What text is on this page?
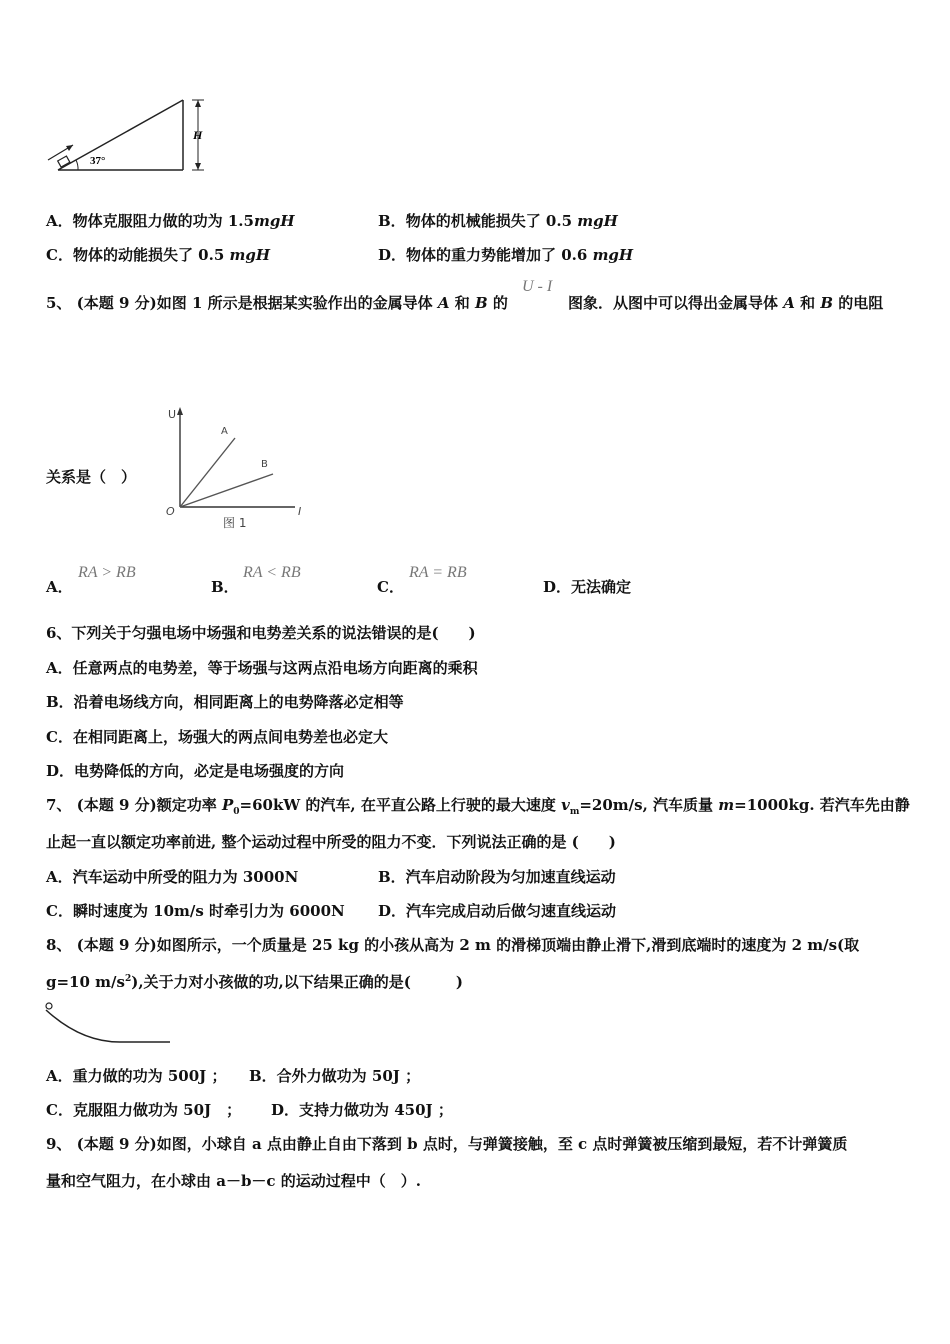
H
37°
A．物体克服阻力做的功为 1.5mgH	B．物体的机械能损失了 0.5 mgH
C．物体的动能损失了 0.5 mgH	D．物体的重力势能增加了 0.6 mgH
5、 (本题 9 分)如图 1 所示是根据某实验作出的金属导体 A 和 B 的
U - I
图象．从图中可以得出金属导体 A 和 B 的电阻
U
I
O
A
B
图 1
关系是（　）
A．
RA > RB
B．
RA < RB
C．
RA = RB
D．无法确定
6、下列关于匀强电场中场强和电势差关系的说法错误的是(　　)
A．任意两点的电势差，等于场强与这两点沿电场方向距离的乘积
B．沿着电场线方向，相同距离上的电势降落必定相等
C．在相同距离上，场强大的两点间电势差也必定大
D．电势降低的方向，必定是电场强度的方向
7、 (本题 9 分)额定功率 $P_0=60kW$ 的汽车, 在平直公路上行驶的最大速度 $v_m=20m/s$, 汽车质量 m=1000kg. 若汽车先由静
止起一直以额定功率前进, 整个运动过程中所受的阻力不变．下列说法正确的是 (　　)
A．汽车运动中所受的阻力为 3000N	B．汽车启动阶段为匀加速直线运动
C．瞬时速度为 10m/s 时牵引力为 6000N D．汽车完成启动后做匀速直线运动
8、 (本题 9 分)如图所示，一个质量是 25 kg 的小孩从高为 2 m 的滑梯顶端由静止滑下,滑到底端时的速度为 2 m/s(取
g=10 $m/s^2$),关于力对小孩做的功,以下结果正确的是(　　　)
A．重力做的功为 500J ； B．合外力做功为 50J ；
C．克服阻力做功为 50J　； D．支持力做功为 450J ；
9、 (本题 9 分)如图，小球自 a 点由静止自由下落到 b 点时，与弹簧接触，至 c 点时弹簧被压缩到最短，若不计弹簧质
量和空气阻力，在小球由 a－b－c 的运动过程中（　）.
